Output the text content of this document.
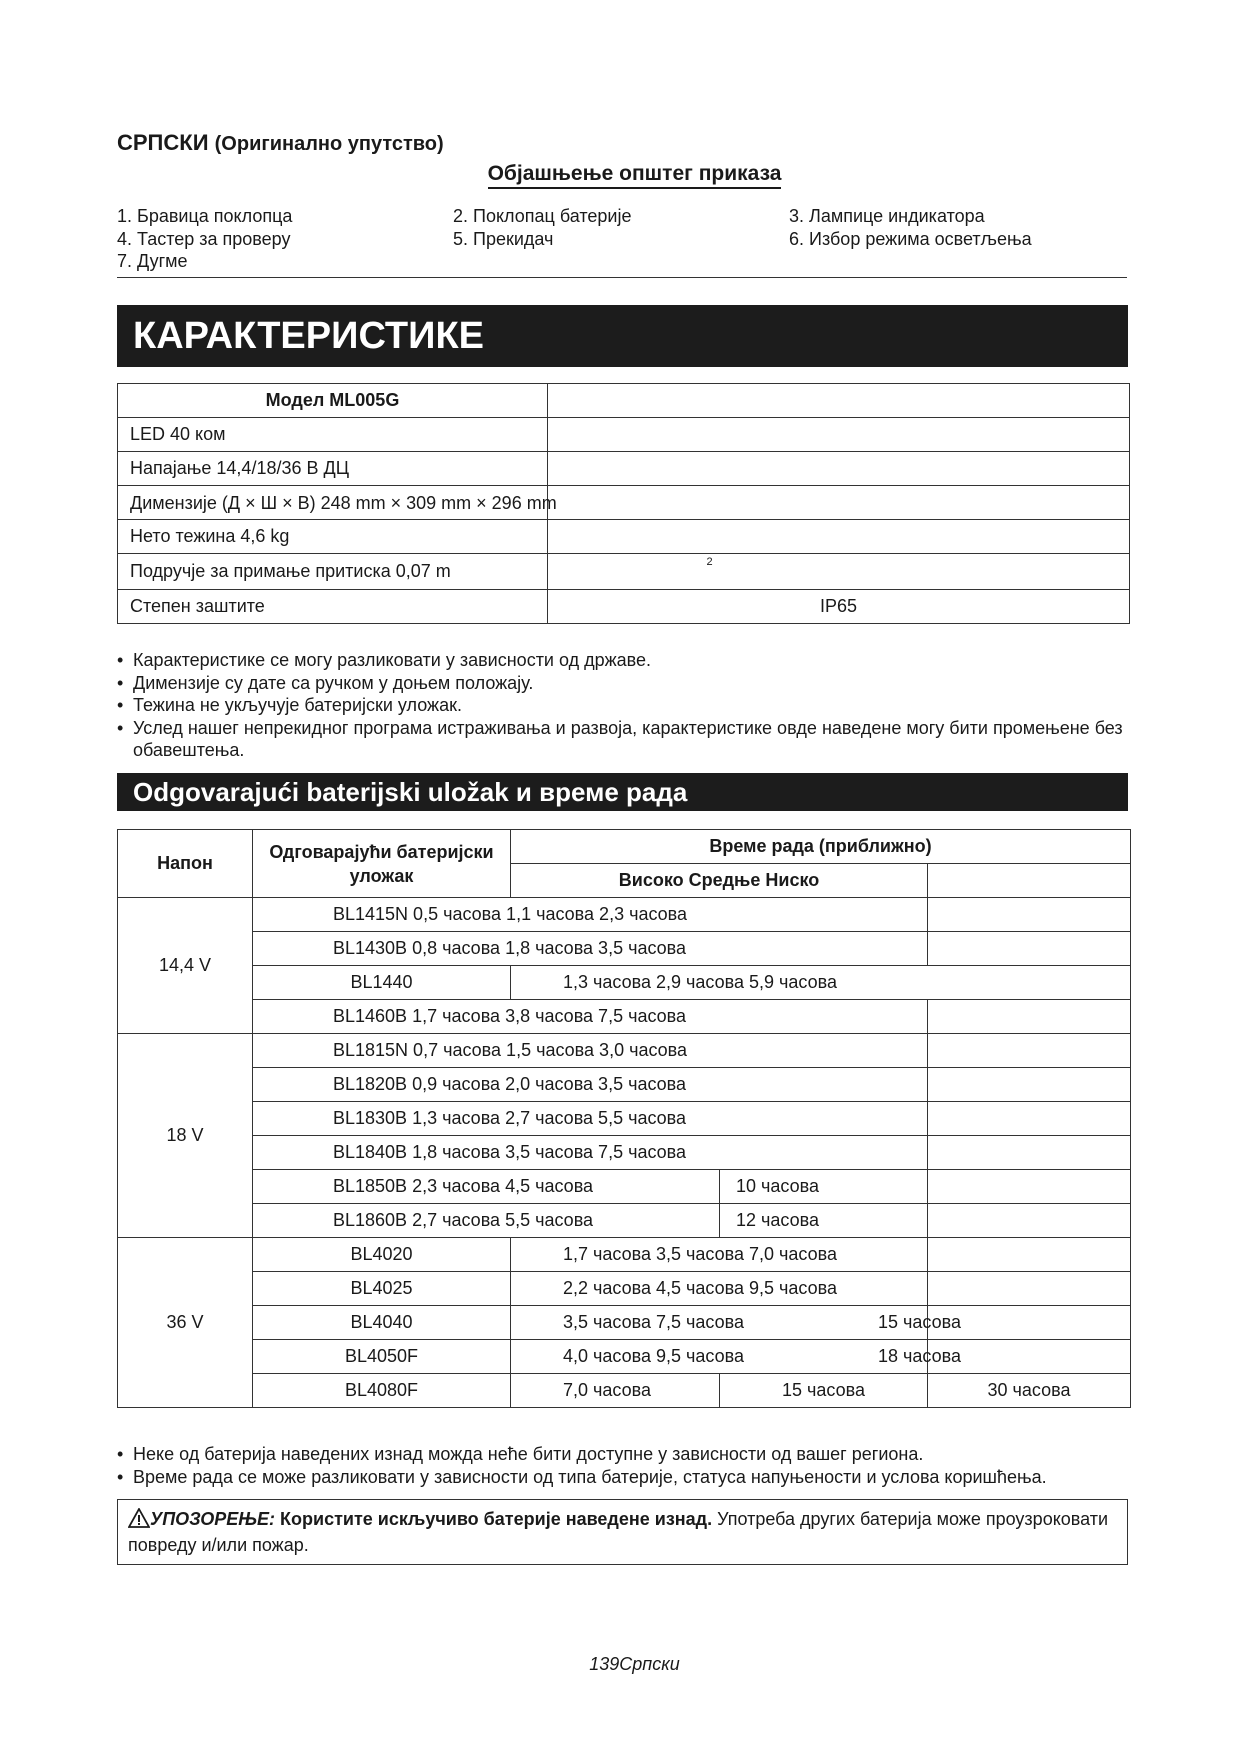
СРПСКИ (Оригинално упутство)
Објашњење општег приказа
1. Бравица поклопца	2. Поклопац батерије	3. Лампице индикатора
4. Тастер за проверу	5. Прекидач	6. Избор режима осветљења
7. Дугме
КАРАКТЕРИСТИКЕ
Модел ML005G	
LED 40 ком	
Напајање 14,4/18/36 В ДЦ	

Димензије (Д × Ш × В) 248 mm × 309 mm × 296 mm	

Нето тежина 4,6 kg	
Подручје за примање притиска 0,07 m	$^2$
Степен заштите	IP65
• Карактеристике се могу разликовати у зависности од државе.
• Димензије су дате са ручком у доњем положају.
• Тежина не укључује батеријски уложак.
• Услед нашег непрекидног програма истраживања и развоја, карактеристике овде наведене могу бити промењене без обавештења.
Odgovarajući baterijski uložak и време рада
Напон	Одговарајући батеријски уложак	Време рада (приближно)		
		Високо Средње Ниско		
14,4 V	BL1415N 0,5 часова 1,1 часова 2,3 часова			
	BL1430B 0,8 часова 1,8 часова 3,5 часова			
	BL1440	1,3 часова 2,9 часова 5,9 часова		
	BL1460B 1,7 часова 3,8 часова 7,5 часова			
18 V	BL1815N 0,7 часова 1,5 часова 3,0 часова			
	BL1820B 0,9 часова 2,0 часова 3,5 часова			
	BL1830B 1,3 часова 2,7 часова 5,5 часова			
	BL1840B 1,8 часова 3,5 часова 7,5 часова			
	BL1850B 2,3 часова 4,5 часова		10 часова	
	BL1860B 2,7 часова 5,5 часова		12 часова	
36 V	BL4020	1,7 часова 3,5 часова 7,0 часова		
	BL4025	2,2 часова 4,5 часова 9,5 часова		
	BL4040	3,5 часова 7,5 часова		15 часова
	BL4050F	4,0 часова 9,5 часова		18 часова
	BL4080F	7,0 часова	15 часова	30 часова
• Неке од батерија наведених изнад можда неће бити доступне у зависности од вашег региона.
• Време рада се може разликовати у зависности од типа батерије, статуса напуњености и услова коришћења.
УПОЗОРЕЊЕ: Користите искључиво батерије наведене изнад. Употреба других батерија може проузроковати повреду и/или пожар.
139Српски
